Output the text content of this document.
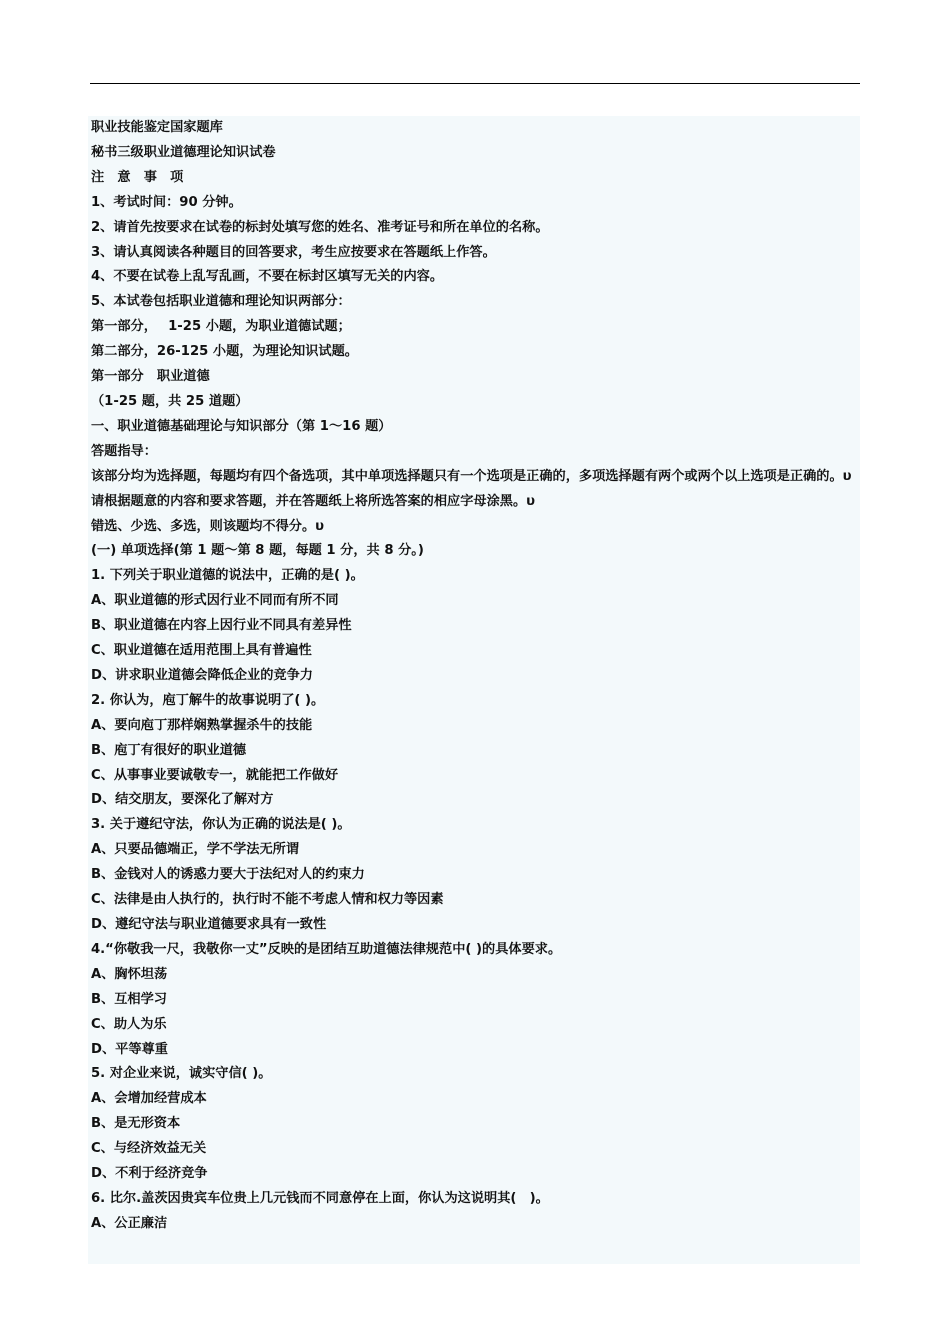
职业技能鉴定国家题库
秘书三级职业道德理论知识试卷
注　意　事　项
1、考试时间：90 分钟。
2、请首先按要求在试卷的标封处填写您的姓名、准考证号和所在单位的名称。
3、请认真阅读各种题目的回答要求，考生应按要求在答题纸上作答。
4、不要在试卷上乱写乱画，不要在标封区填写无关的内容。
5、本试卷包括职业道德和理论知识两部分：
第一部分，　 1-25 小题，为职业道德试题；
第二部分，26-125 小题，为理论知识试题。
第一部分　职业道德
（1-25 题，共 25 道题）
一、职业道德基础理论与知识部分（第 1～16 题）
答题指导：
该部分均为选择题，每题均有四个备选项，其中单项选择题只有一个选项是正确的，多项选择题有两个或两个以上选项是正确的。υ
请根据题意的内容和要求答题，并在答题纸上将所选答案的相应字母涂黑。υ
错选、少选、多选，则该题均不得分。υ
(一) 单项选择(第 1 题～第 8 题，每题 1 分，共 8 分。)
1. 下列关于职业道德的说法中，正确的是( )。
A、职业道德的形式因行业不同而有所不同
B、职业道德在内容上因行业不同具有差异性
C、职业道德在适用范围上具有普遍性
D、讲求职业道德会降低企业的竞争力
2. 你认为，庖丁解牛的故事说明了( )。
A、要向庖丁那样娴熟掌握杀牛的技能
B、庖丁有很好的职业道德
C、从事事业要诚敬专一，就能把工作做好
D、结交朋友，要深化了解对方
3. 关于遵纪守法，你认为正确的说法是( )。
A、只要品德端正，学不学法无所谓
B、金钱对人的诱惑力要大于法纪对人的约束力
C、法律是由人执行的，执行时不能不考虑人情和权力等因素
D、遵纪守法与职业道德要求具有一致性
4.“你敬我一尺，我敬你一丈”反映的是团结互助道德法律规范中( )的具体要求。
A、胸怀坦荡
B、互相学习
C、助人为乐
D、平等尊重
5. 对企业来说，诚实守信( )。
A、会增加经营成本
B、是无形资本
C、与经济效益无关
D、不利于经济竞争
6. 比尔.盖茨因贵宾车位贵上几元钱而不同意停在上面，你认为这说明其(　)。
A、公正廉洁
